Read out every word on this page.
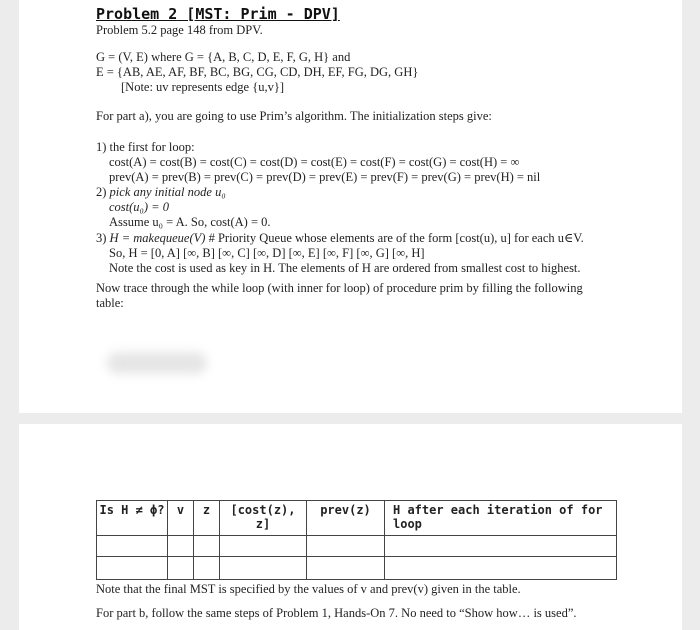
Problem 2 [MST: Prim - DPV]
Problem 5.2 page 148 from DPV.
G = (V, E) where G = {A, B, C, D, E, F, G, H} and
E = {AB, AE, AF, BF, BC, BG, CG, CD, DH, EF, FG, DG, GH}
[Note: uv represents edge {u,v}]
For part a), you are going to use Prim’s algorithm. The initialization steps give:
1) the first for loop:
cost(A) = cost(B) = cost(C) = cost(D) = cost(E) = cost(F) = cost(G) = cost(H) = ∞
prev(A) = prev(B) = prev(C) = prev(D) = prev(E) = prev(F) = prev(G) = prev(H) = nil
2) pick any initial node u₀
cost(u₀) = 0
Assume u₀ = A. So, cost(A) = 0.
3) H = makequeue(V) # Priority Queue whose elements are of the form [cost(u), u] for each u∈V.
So, H = [0, A] [∞, B] [∞, C] [∞, D] [∞, E] [∞, F] [∞, G] [∞, H]
Note the cost is used as key in H. The elements of H are ordered from smallest cost to highest.
Now trace through the while loop (with inner for loop) of procedure prim by filling the following
table:
Is H ≠ ϕ?	v	z	[cost(z), z]	prev(z)	H after each iteration of for loop

Note that the final MST is specified by the values of v and prev(v) given in the table.
For part b, follow the same steps of Problem 1, Hands-On 7. No need to “Show how… is used”.
